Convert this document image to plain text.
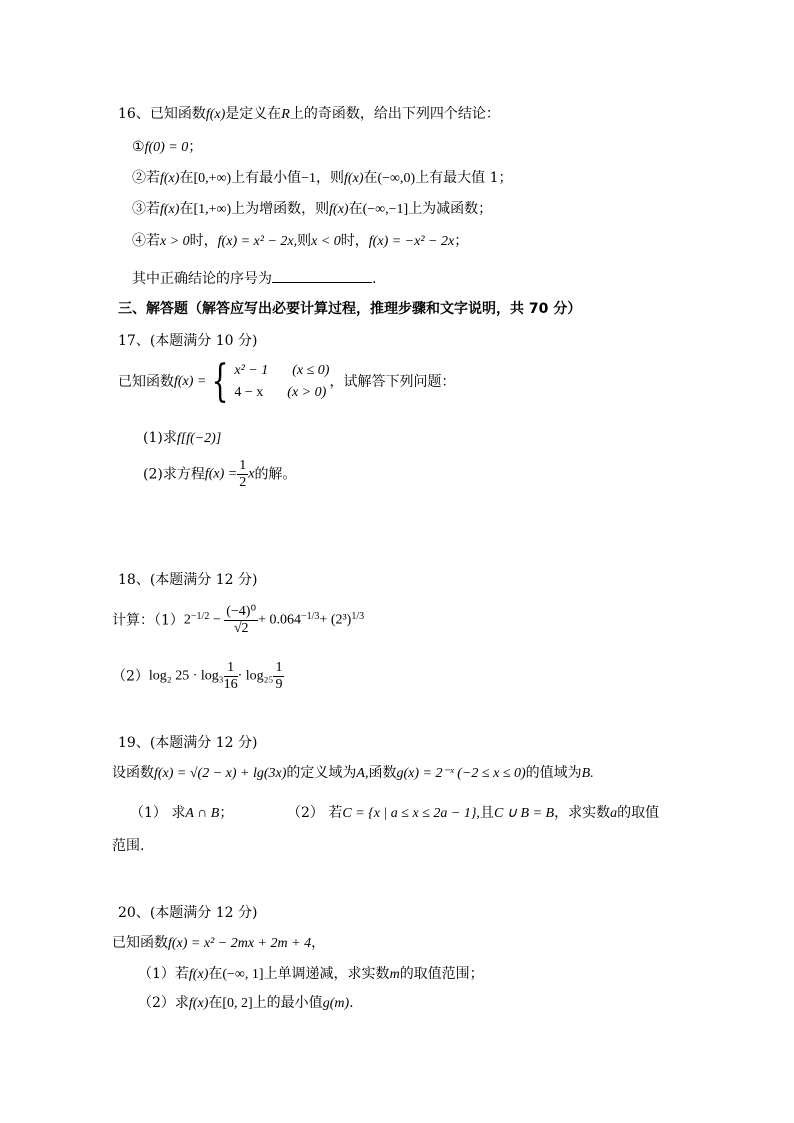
16、已知函数f(x)是定义在R上的奇函数，给出下列四个结论：
①f(0) = 0；
②若f(x)在[0,+∞)上有最小值−1，则f(x)在(−∞,0)上有最大值 1；
③若f(x)在[1,+∞)上为增函数，则f(x)在(−∞,−1]上为减函数；
④若x > 0时，f(x) = x² − 2x,则x < 0时，f(x) = −x² − 2x；
其中正确结论的序号为	.
三、解答题（解答应写出必要计算过程，推理步骤和文字说明，共 70 分）
17、(本题满分 10 分)
已知函数f(x) = { x² − 1 (x ≤ 0)
4 − x (x > 0)
，试解答下列问题：
(1)求f[f(−2)]
(2)求方程$f(x) = \frac{1}{2}$ x的解。
18、(本题满分 12 分)
计算：$(1)2^{-1/2} - \frac{\text{(−4)⁰}}{√2} + 0.064^{-1/3}+ (2^3)^{1/3}$
（2）log₂ $25 \cdot \log_3 \frac{1}{16} \cdot \log_{25} \frac{1}{9}$
19、(本题满分 12 分)
设函数f(x) = √(2 − x) + lg(3x)的定义域为A,函数g(x) = 2⁻ˣ (−2 ≤ x ≤ 0)的值域为B.
（1） 求A ∩ B；	（2） 若C = {x | a ≤ x ≤ 2a − 1},且C ∪ B = B，求实数a的取值
范围.
20、(本题满分 12 分)
已知函数f(x) = x² − 2mx + 2m + 4，
（1）若f(x)在(−∞, 1]上单调递减，求实数m的取值范围；
（2）求f(x)在[0, 2]上的最小值g(m).
